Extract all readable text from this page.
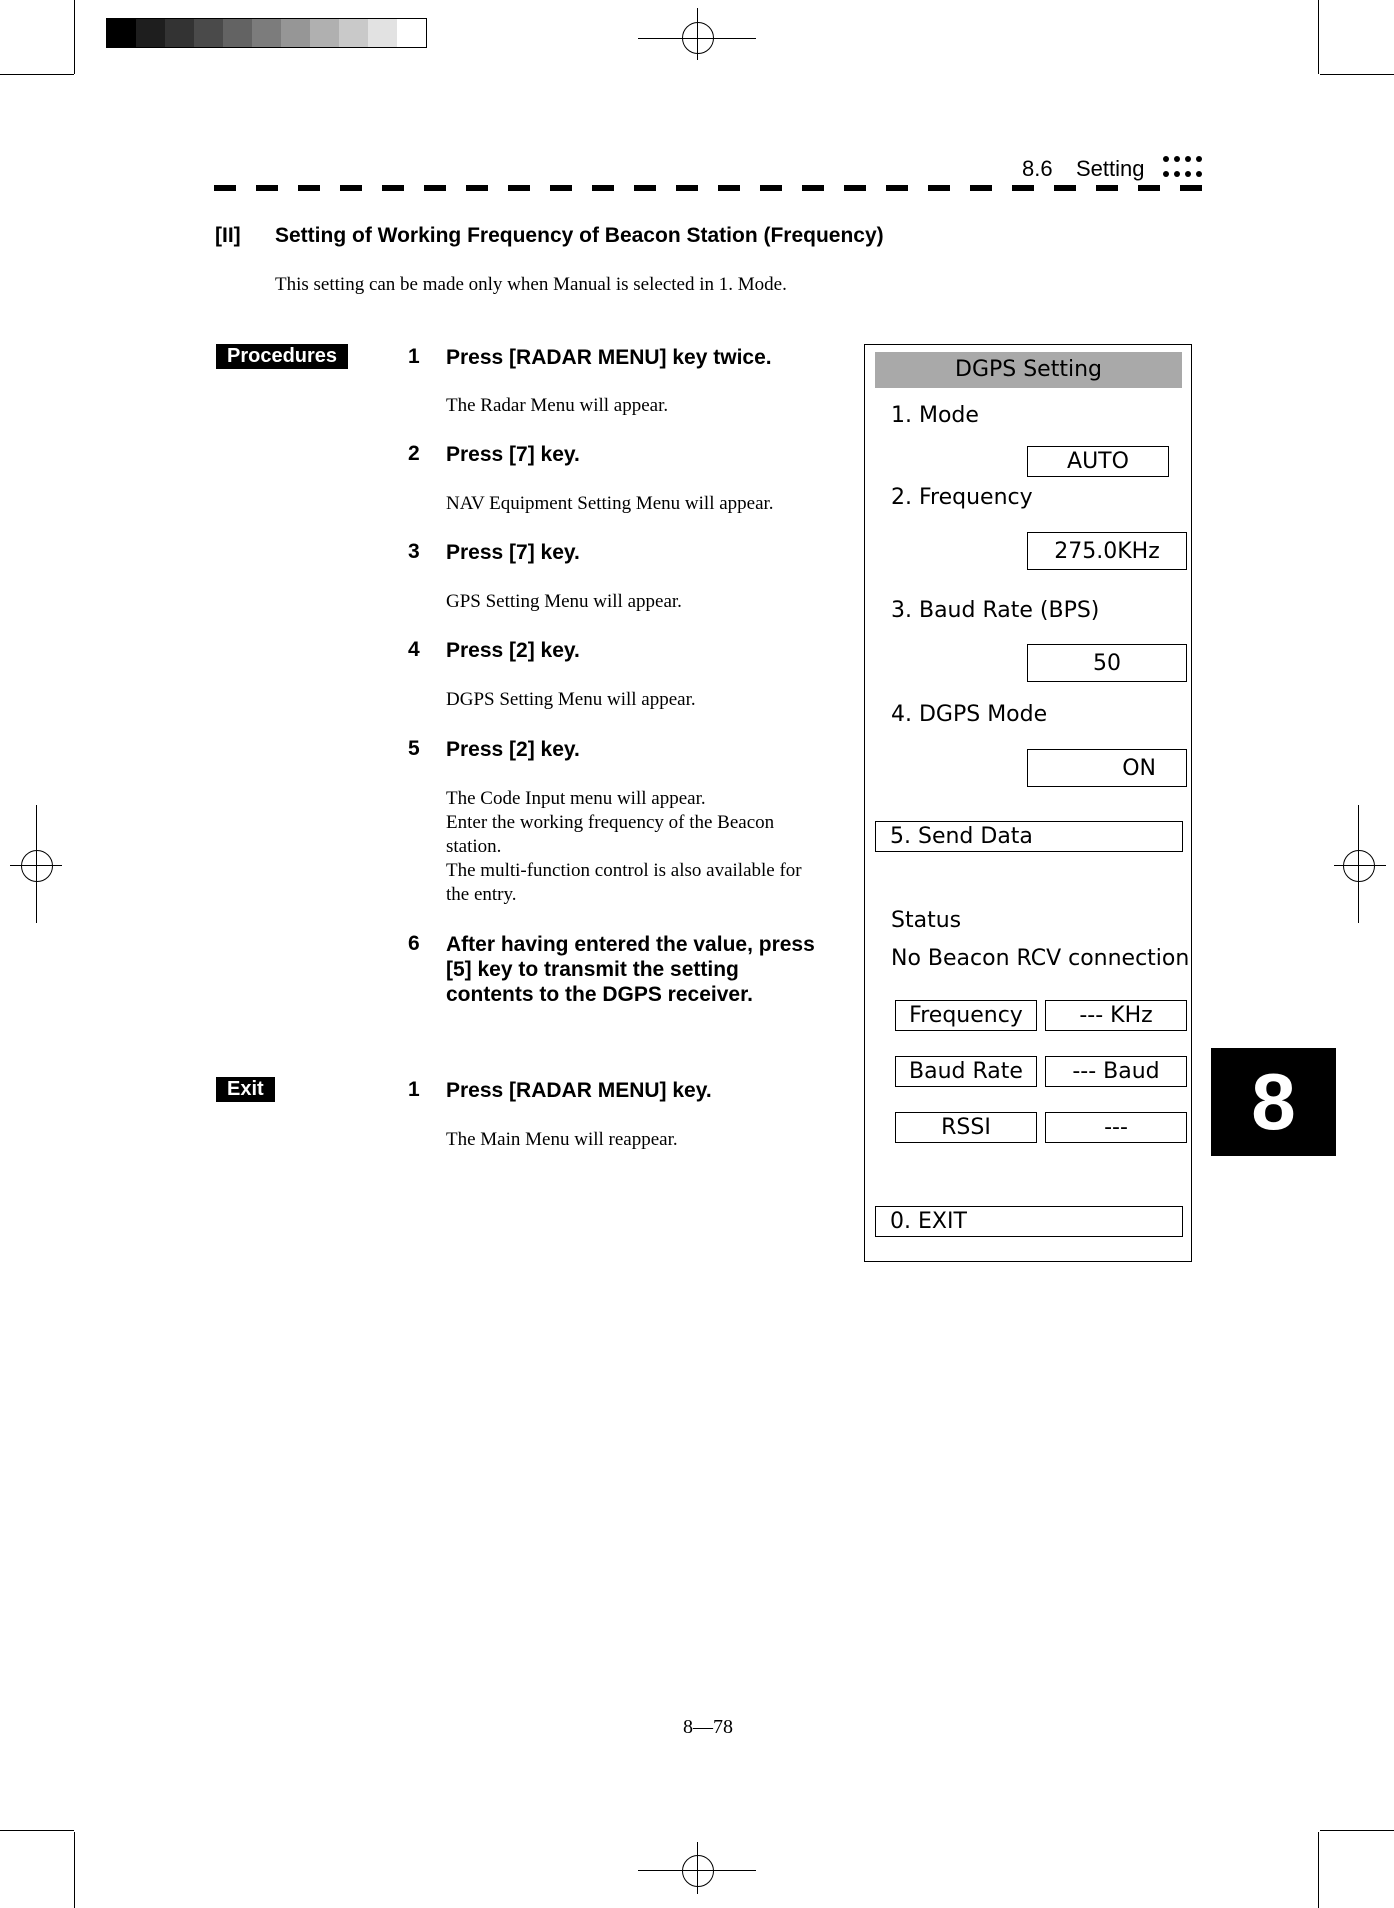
8.6 Setting
[II] Setting of Working Frequency of Beacon Station (Frequency)
This setting can be made only when Manual is selected in 1. Mode.
Procedures	1 Press [RADAR MENU] key twice.
The Radar Menu will appear.
2 Press [7] key.
NAV Equipment Setting Menu will appear.
3 Press [7] key.
GPS Setting Menu will appear.
4 Press [2] key.
DGPS Setting Menu will appear.
5 Press [2] key.
The Code Input menu will appear.
Enter the working frequency of the Beacon
station.
The multi-function control is also available for
the entry.
6 After having entered the value, press
[5] key to transmit the setting
contents to the DGPS receiver.
Exit	1 Press [RADAR MENU] key.
The Main Menu will reappear.
DGPS Setting
1. Mode
AUTO
2. Frequency
275.0KHz
3. Baud Rate (BPS)
50
4. DGPS Mode
ON
5. Send Data
Status
No Beacon RCV connection
Frequency	--- KHz
Baud Rate	--- Baud
RSSI	---
0. EXIT
8
8—78
